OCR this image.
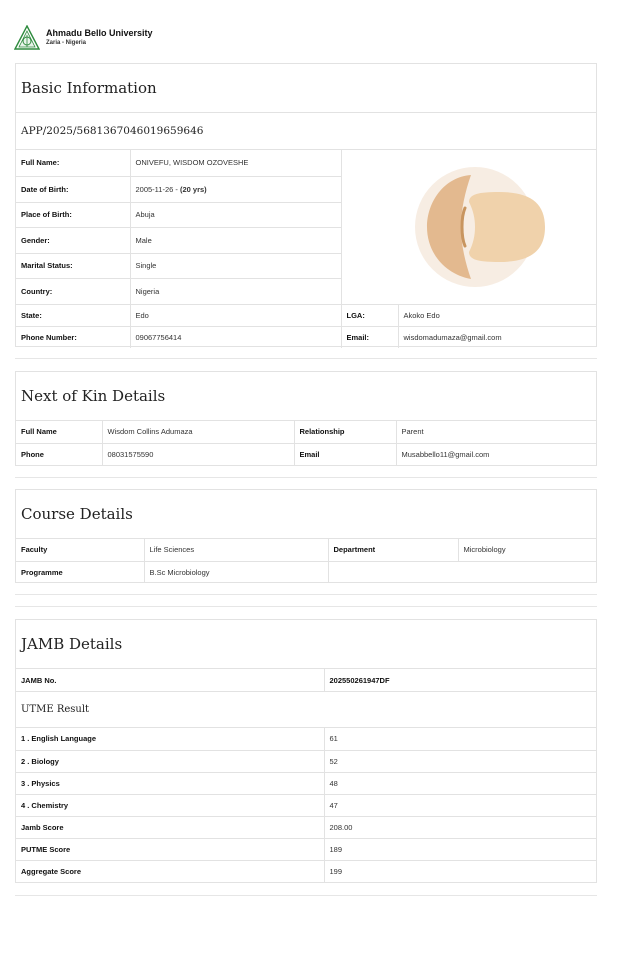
Ahmadu Bello University
Zaria - Nigeria
Basic Information
APP/2025/5681367046019659646
Full Name:	ONIVEFU, WISDOM OZOVESHE	

Date of Birth:	2005-11-26 - (20 yrs)		
Place of Birth:	Abuja		
Gender:	Male		
Marital Status:	Single		
Country:	Nigeria		
State:	Edo	LGA:	Akoko Edo
Phone Number:	09067756414	Email:	wisdomadumaza@gmail.com
Next of Kin Details
Full Name	Wisdom Collins Adumaza	Relationship	Parent
Phone	08031575590	Email	Musabbello11@gmail.com
Course Details
Faculty	Life Sciences	Department	Microbiology
Programme	B.Sc Microbiology		
JAMB Details
JAMB No.	202550261947DF
UTME Result
1 . English Language	61
2 . Biology	52
3 . Physics	48
4 . Chemistry	47
Jamb Score	208.00
PUTME Score	189
Aggregate Score	199
